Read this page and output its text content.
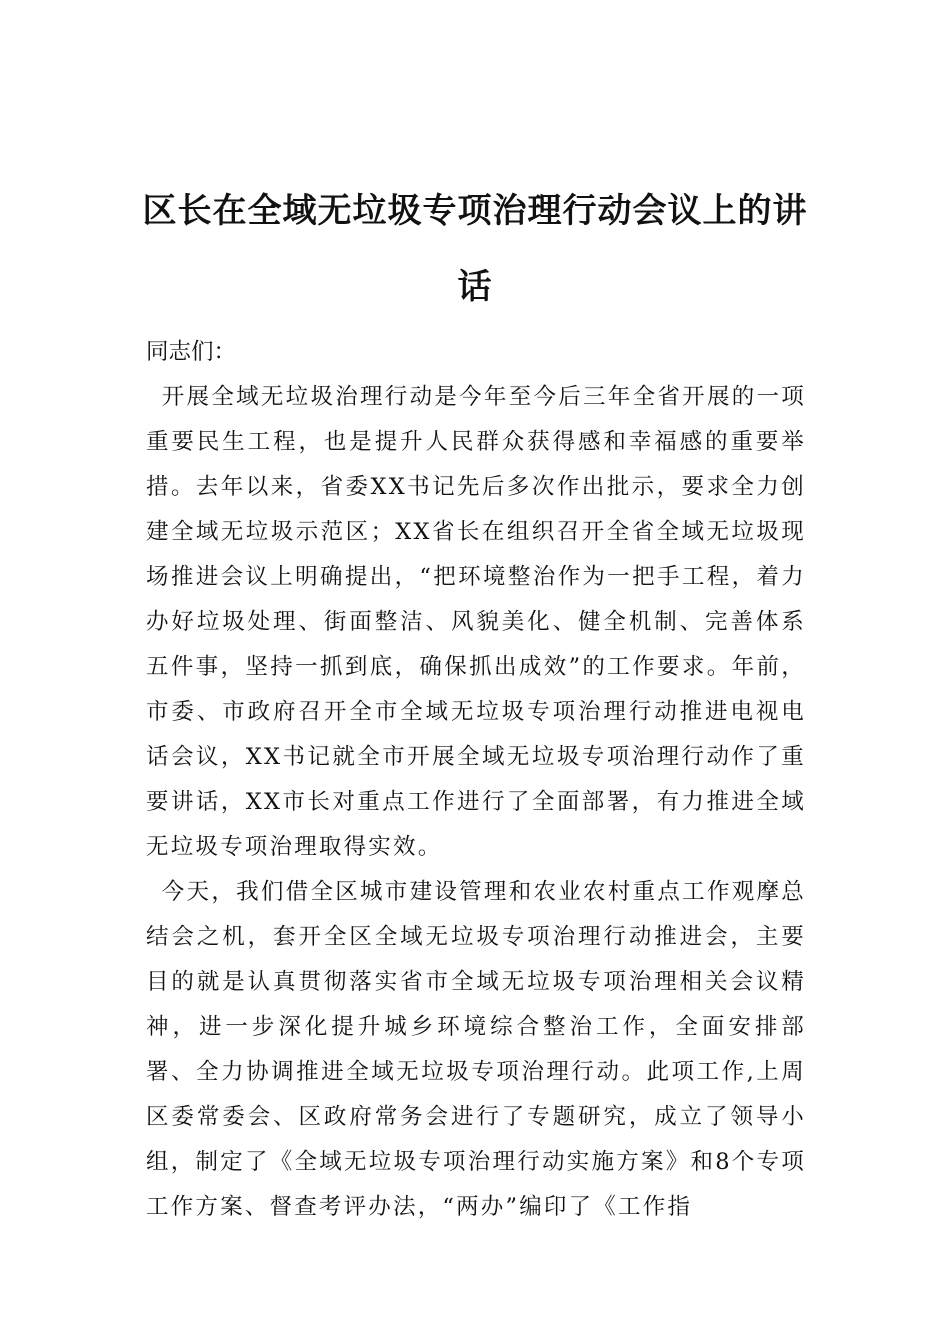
区长在全域无垃圾专项治理行动会议上的讲话

同志们：

开展全域无垃圾治理行动是今年至今后三年全省开展的一项重要民生工程，也是提升人民群众获得感和幸福感的重要举措。去年以来，省委XX书记先后多次作出批示，要求全力创建全域无垃圾示范区；XX省长在组织召开全省全域无垃圾现场推进会议上明确提出，“把环境整治作为一把手工程，着力办好垃圾处理、街面整洁、风貌美化、健全机制、完善体系五件事，坚持一抓到底，确保抓出成效”的工作要求。年前，市委、市政府召开全市全域无垃圾专项治理行动推进电视电话会议，XX书记就全市开展全域无垃圾专项治理行动作了重要讲话，XX市长对重点工作进行了全面部署，有力推进全域无垃圾专项治理取得实效。

今天，我们借全区城市建设管理和农业农村重点工作观摩总结会之机，套开全区全域无垃圾专项治理行动推进会，主要目的就是认真贯彻落实省市全域无垃圾专项治理相关会议精神，进一步深化提升城乡环境综合整治工作，全面安排部署、全力协调推进全域无垃圾专项治理行动。此项工作,上周区委常委会、区政府常务会进行了专题研究，成立了领导小组，制定了《全域无垃圾专项治理行动实施方案》和8个专项工作方案、督查考评办法，“两办”编印了《工作指
